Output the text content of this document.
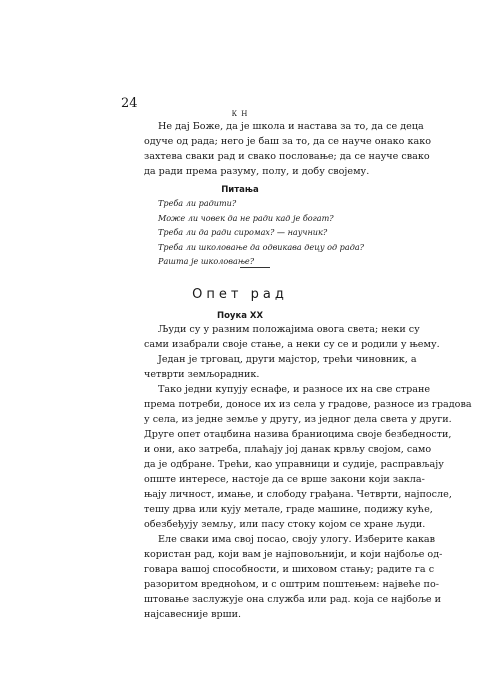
24
К Н
Не дај Боже, да је школа и настава за то, да се деца
одуче од рада; него је баш за то, да се науче онако како
захтева сваки рад и свако пословање; да се науче свако
да ради према разуму, полу, и добу своjему.
Питања
Треба ли радити?
Може ли човек да не ради кад је богат?
Треба ли да ради сиромах? — научник?
Треба ли школовање да одвикава децу од рада?
Рашта је школовање?
Опет рад
Поука XX
Људи су у разним положајима овога света; неки су
сами изабрали своје стање, а неки су се и родили у њему.
Један је трговац, други мајстор, трећи чиновник, а
четврти земљорадник.
Тако једни купују еснафе, и разносе их на све стране
према потреби, доносе их из села у градове, разносе из градова
у села, из једне земље у другу, из једног дела света у други.
Друге опет отаџбина назива браниоцима своје безбедности,
и они, ако затреба, плаћају јој данак крвљу својом, само
да је одбране. Трећи, као управници и судије, расправљају
опште интересе, настоје да се врше закони који закла-
њају личност, имање, и слободу грађана. Четврти, најпосле,
тешу дрва или кују метале, граде машине, подижу куће,
обезбеђују земљу, или пасу стоку којом се хране људи.
Еле сваки има свој посао, своју улогу. Изберите какав
користан рад, који вам је најповољнији, и који најбоље од-
говара вашој способности, и шиховом стању; радите га с
разоритом вредноћом, и с оштрим поштењем: највеће по-
штовање заслужује она служба или рад. која се најбоље и
најсавесније врши.
